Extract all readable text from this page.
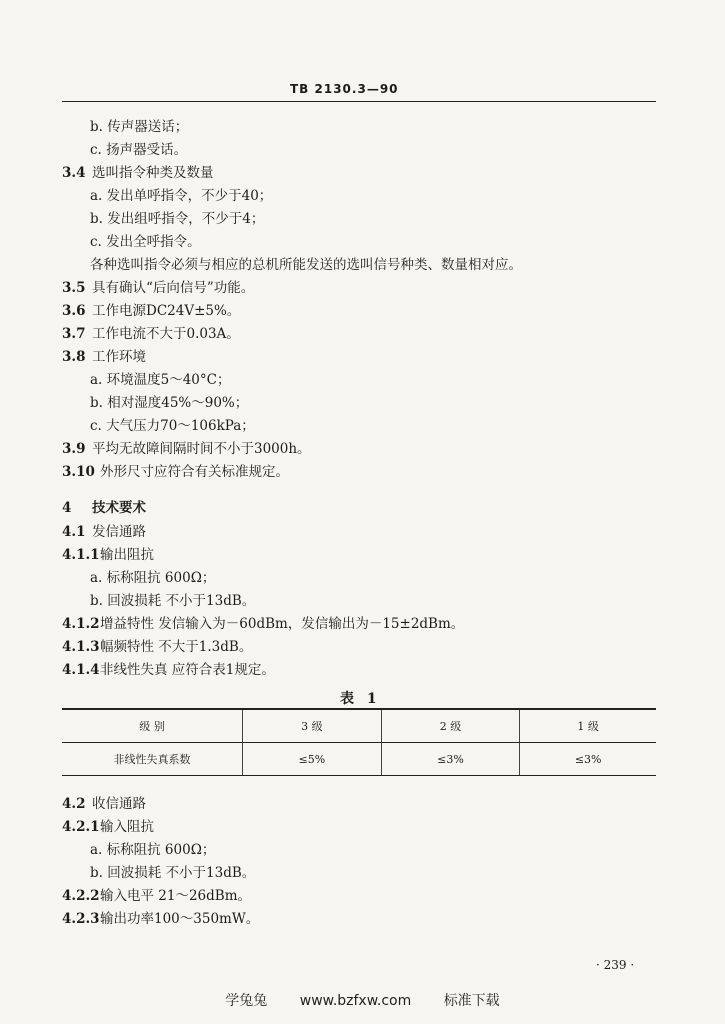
TB 2130.3—90
b. 传声器送话；
c. 扬声器受话。
3.4 选叫指令种类及数量
a. 发出单呼指令，不少于40；
b. 发出组呼指令，不少于4；
c. 发出全呼指令。
各种选叫指令必须与相应的总机所能发送的选叫信号种类、数量相对应。
3.5 具有确认“后向信号”功能。
3.6 工作电源DC24V±5%。
3.7 工作电流不大于0.03A。
3.8 工作环境
a. 环境温度5～40°C；
b. 相对湿度45%～90%；
c. 大气压力70～106kPa；
3.9 平均无故障间隔时间不小于3000h。
3.10 外形尺寸应符合有关标准规定。
4 技术要术
4.1 发信通路
4.1.1输出阻抗
a. 标称阻抗 600Ω；
b. 回波损耗 不小于13dB。
4.1.2增益特性 发信输入为－60dBm，发信输出为－15±2dBm。
4.1.3幅频特性 不大于1.3dB。
4.1.4非线性失真 应符合表1规定。
4.2 收信通路
4.2.1输入阻抗
a. 标称阻抗 600Ω；
b. 回波损耗 不小于13dB。
4.2.2输入电平 21～26dBm。
4.2.3输出功率100～350mW。
表 1
级 别	3 级	2 级	1 级
非线性失真系数	≤5%	≤3%	≤3%
· 239 ·
学兔兔 www.bzfxw.com 标准下载
